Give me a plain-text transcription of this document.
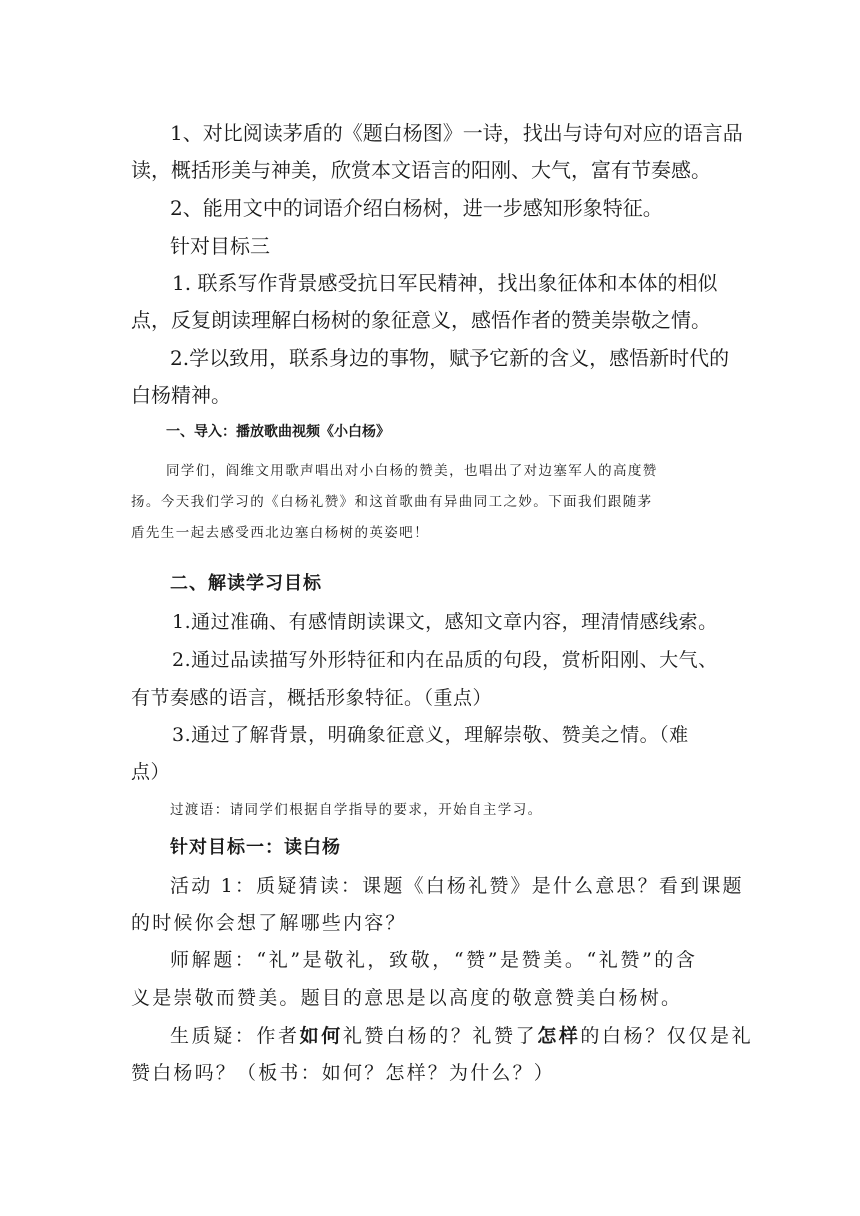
1、对比阅读茅盾的《题白杨图》一诗，找出与诗句对应的语言品

读，概括形美与神美，欣赏本文语言的阳刚、大气，富有节奏感。

2、能用文中的词语介绍白杨树，进一步感知形象特征。

针对目标三

1. 联系写作背景感受抗日军民精神，找出象征体和本体的相似

点，反复朗读理解白杨树的象征意义，感悟作者的赞美崇敬之情。

2.学以致用，联系身边的事物，赋予它新的含义，感悟新时代的

白杨精神。

一、导入：播放歌曲视频《小白杨》

同学们，阎维文用歌声唱出对小白杨的赞美，也唱出了对边塞军人的高度赞

扬。今天我们学习的《白杨礼赞》和这首歌曲有异曲同工之妙。下面我们跟随茅

盾先生一起去感受西北边塞白杨树的英姿吧！

二、解读学习目标

1.通过准确、有感情朗读课文，感知文章内容，理清情感线索。

2.通过品读描写外形特征和内在品质的句段，赏析阳刚、大气、

有节奏感的语言，概括形象特征。（重点）

3.通过了解背景，明确象征意义，理解崇敬、赞美之情。（难

点）

过渡语：请同学们根据自学指导的要求，开始自主学习。

针对目标一：读白杨

活动 1：质疑猜读：课题《白杨礼赞》是什么意思？看到课题

的时候你会想了解哪些内容？

师解题：“礼”是敬礼，致敬，“赞”是赞美。“礼赞”的含

义是崇敬而赞美。题目的意思是以高度的敬意赞美白杨树。

生质疑：作者如何礼赞白杨的？礼赞了怎样的白杨？仅仅是礼

赞白杨吗？（板书：如何？怎样？为什么？）
